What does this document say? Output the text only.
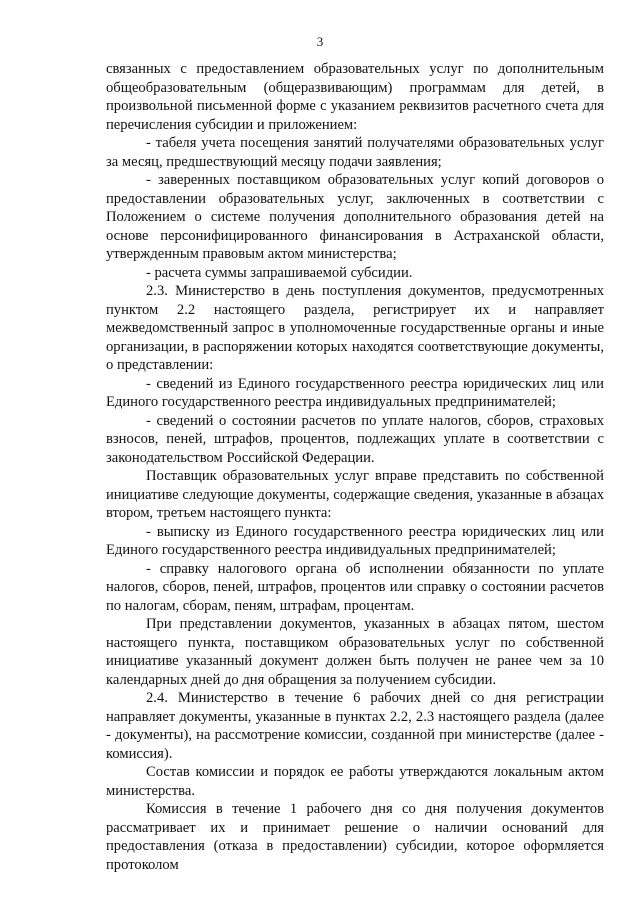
3

связанных с предоставлением образовательных услуг по дополнительным общеобразовательным (общеразвивающим) программам для детей, в произвольной письменной форме с указанием реквизитов расчетного счета для перечисления субсидии и приложением:

- табеля учета посещения занятий получателями образовательных услуг за месяц, предшествующий месяцу подачи заявления;

- заверенных поставщиком образовательных услуг копий договоров о предоставлении образовательных услуг, заключенных в соответствии с Положением о системе получения дополнительного образования детей на основе персонифицированного финансирования в Астраханской области, утвержденным правовым актом министерства;

- расчета суммы запрашиваемой субсидии.

2.3. Министерство в день поступления документов, предусмотренных пунктом 2.2 настоящего раздела, регистрирует их и направляет межведомственный запрос в уполномоченные государственные органы и иные организации, в распоряжении которых находятся соответствующие документы, о представлении:

- сведений из Единого государственного реестра юридических лиц или Единого государственного реестра индивидуальных предпринимателей;

- сведений о состоянии расчетов по уплате налогов, сборов, страховых взносов, пеней, штрафов, процентов, подлежащих уплате в соответствии с законодательством Российской Федерации.

Поставщик образовательных услуг вправе представить по собственной инициативе следующие документы, содержащие сведения, указанные в абзацах втором, третьем настоящего пункта:

- выписку из Единого государственного реестра юридических лиц или Единого государственного реестра индивидуальных предпринимателей;

- справку налогового органа об исполнении обязанности по уплате налогов, сборов, пеней, штрафов, процентов или справку о состоянии расчетов по налогам, сборам, пеням, штрафам, процентам.

При представлении документов, указанных в абзацах пятом, шестом настоящего пункта, поставщиком образовательных услуг по собственной инициативе указанный документ должен быть получен не ранее чем за 10 календарных дней до дня обращения за получением субсидии.

2.4. Министерство в течение 6 рабочих дней со дня регистрации направляет документы, указанные в пунктах 2.2, 2.3 настоящего раздела (далее - документы), на рассмотрение комиссии, созданной при министерстве (далее - комиссия).

Состав комиссии и порядок ее работы утверждаются локальным актом министерства.

Комиссия в течение 1 рабочего дня со дня получения документов рассматривает их и принимает решение о наличии оснований для предоставления (отказа в предоставлении) субсидии, которое оформляется протоколом
